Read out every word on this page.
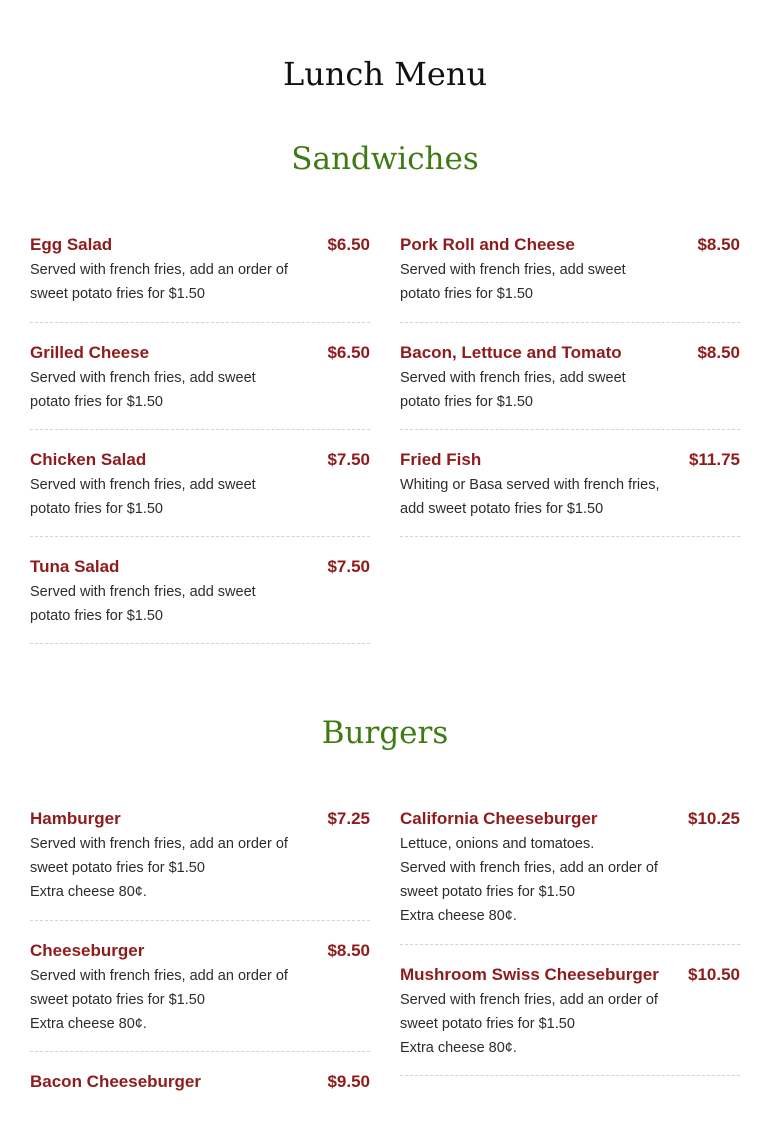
Lunch Menu
Sandwiches
Egg Salad	$6.50
Served with french fries, add an order of sweet potato fries for $1.50
Grilled Cheese	$6.50
Served with french fries, add sweet potato fries for $1.50
Chicken Salad	$7.50
Served with french fries, add sweet potato fries for $1.50
Tuna Salad	$7.50
Served with french fries, add sweet potato fries for $1.50
Pork Roll and Cheese	$8.50
Served with french fries, add sweet potato fries for $1.50
Bacon, Lettuce and Tomato	$8.50
Served with french fries, add sweet potato fries for $1.50
Fried Fish	$11.75
Whiting or Basa served with french fries, add sweet potato fries for $1.50
Burgers
Hamburger	$7.25
Served with french fries, add an order of sweet potato fries for $1.50
Extra cheese 80¢.
Cheeseburger	$8.50
Served with french fries, add an order of sweet potato fries for $1.50
Extra cheese 80¢.
Bacon Cheeseburger	$9.50
California Cheeseburger	$10.25
Lettuce, onions and tomatoes.
Served with french fries, add an order of sweet potato fries for $1.50
Extra cheese 80¢.
Mushroom Swiss Cheeseburger $10.50
Served with french fries, add an order of sweet potato fries for $1.50
Extra cheese 80¢.
